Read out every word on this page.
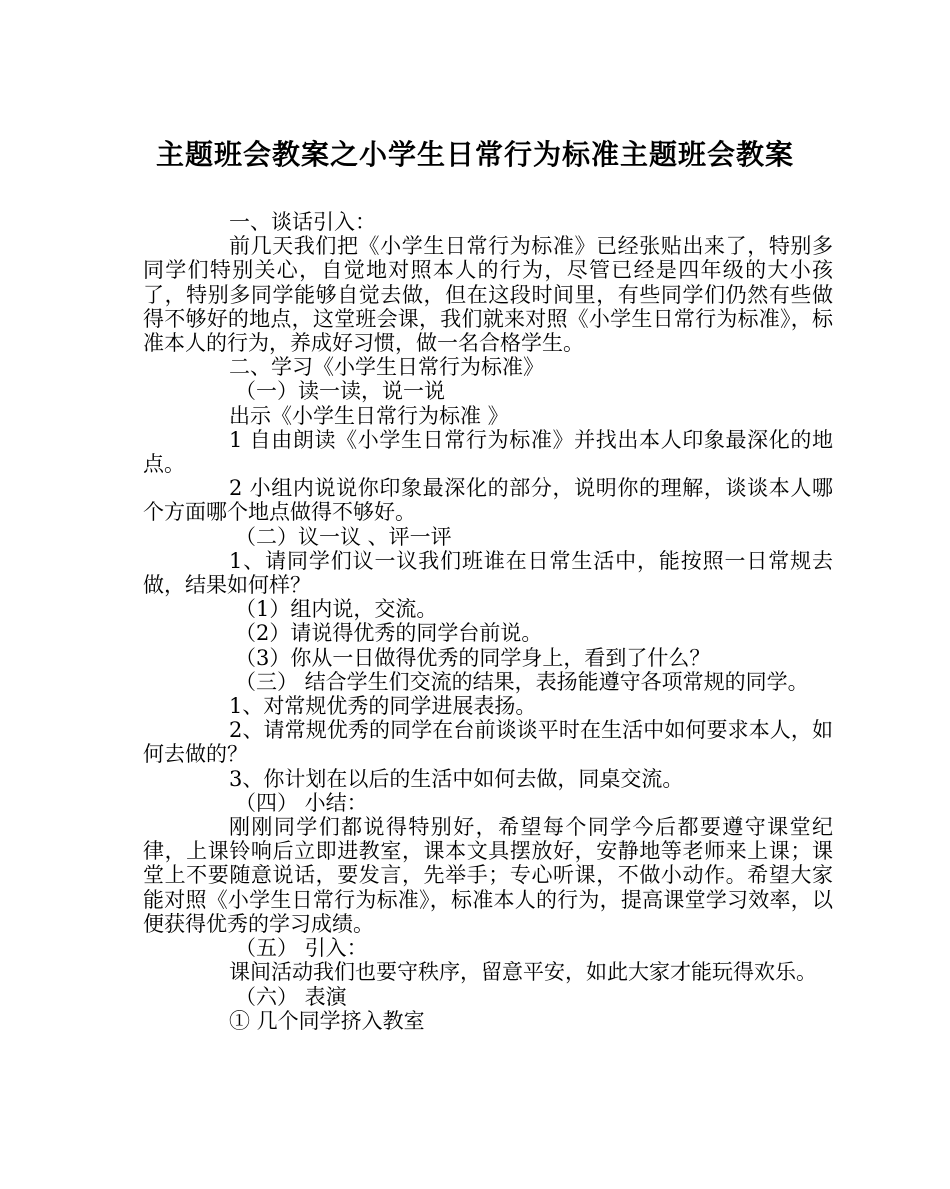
主题班会教案之小学生日常行为标准主题班会教案

一、谈话引入：

前几天我们把《小学生日常行为标准》已经张贴出来了，特别多同学们特别关心，自觉地对照本人的行为，尽管已经是四年级的大小孩了，特别多同学能够自觉去做，但在这段时间里，有些同学们仍然有些做得不够好的地点，这堂班会课，我们就来对照《小学生日常行为标准》，标准本人的行为，养成好习惯，做一名合格学生。

二、学习《小学生日常行为标准》

（一）读一读，说一说

出示《小学生日常行为标准 》

1 自由朗读《小学生日常行为标准》并找出本人印象最深化的地点。

2 小组内说说你印象最深化的部分，说明你的理解，谈谈本人哪个方面哪个地点做得不够好。

（二）议一议 、评一评

1、请同学们议一议我们班谁在日常生活中，能按照一日常规去做，结果如何样？

（1）组内说，交流。

（2）请说得优秀的同学台前说。

（3）你从一日做得优秀的同学身上，看到了什么？

（三） 结合学生们交流的结果，表扬能遵守各项常规的同学。

1、对常规优秀的同学进展表扬。

2、请常规优秀的同学在台前谈谈平时在生活中如何要求本人，如何去做的？

3、你计划在以后的生活中如何去做，同桌交流。

（四） 小结：

刚刚同学们都说得特别好，希望每个同学今后都要遵守课堂纪律，上课铃响后立即进教室，课本文具摆放好，安静地等老师来上课；课堂上不要随意说话，要发言，先举手；专心听课，不做小动作。希望大家能对照《小学生日常行为标准》，标准本人的行为，提高课堂学习效率，以便获得优秀的学习成绩。

（五） 引入：

课间活动我们也要守秩序，留意平安，如此大家才能玩得欢乐。

（六） 表演

① 几个同学挤入教室
